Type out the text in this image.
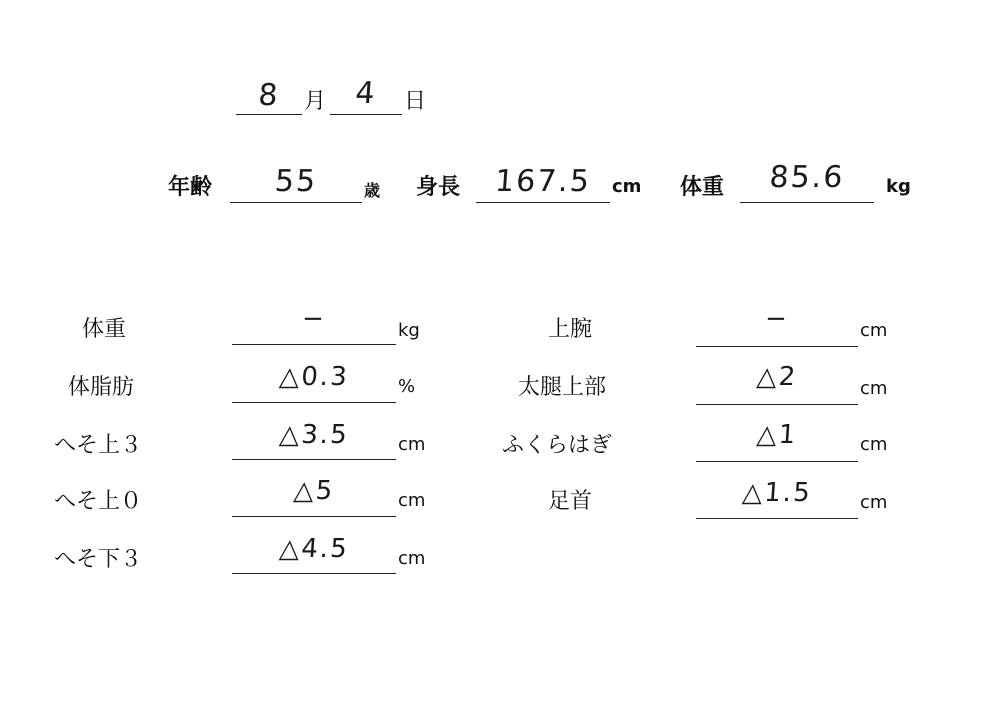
8	月 4	日
年齢	55	歳 身長	167.5	cm 体重	85.6	kg
体重	−	kg
体脂肪	△0.3	%
へそ上３	△3.5	cm
へそ上０	△5	cm
へそ下３	△4.5	cm
上腕	−	cm
太腿上部	△2	cm
ふくらはぎ	△1	cm
足首	△1.5	cm
